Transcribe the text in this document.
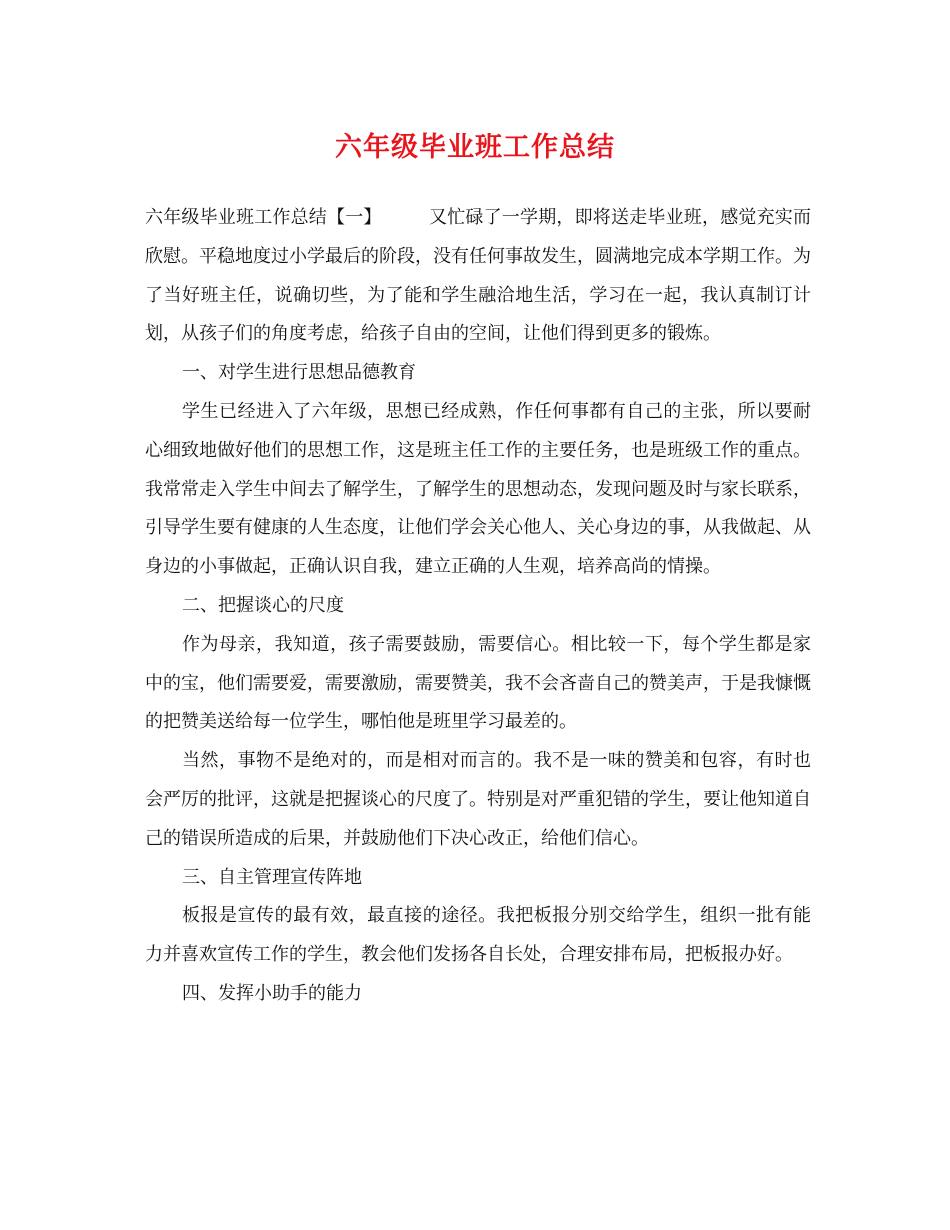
六年级毕业班工作总结

六年级毕业班工作总结【一】	又忙碌了一学期，即将送走毕业班，感觉充实而欣慰。平稳地度过小学最后的阶段，没有任何事故发生，圆满地完成本学期工作。为了当好班主任，说确切些，为了能和学生融洽地生活，学习在一起，我认真制订计划，从孩子们的角度考虑，给孩子自由的空间，让他们得到更多的锻炼。

一、对学生进行思想品德教育

学生已经进入了六年级，思想已经成熟，作任何事都有自己的主张，所以要耐心细致地做好他们的思想工作，这是班主任工作的主要任务，也是班级工作的重点。我常常走入学生中间去了解学生，了解学生的思想动态，发现问题及时与家长联系，引导学生要有健康的人生态度，让他们学会关心他人、关心身边的事，从我做起、从身边的小事做起，正确认识自我，建立正确的人生观，培养高尚的情操。

二、把握谈心的尺度

作为母亲，我知道，孩子需要鼓励，需要信心。相比较一下，每个学生都是家中的宝，他们需要爱，需要激励，需要赞美，我不会吝啬自己的赞美声，于是我慷慨的把赞美送给每一位学生，哪怕他是班里学习最差的。

当然，事物不是绝对的，而是相对而言的。我不是一味的赞美和包容，有时也会严厉的批评，这就是把握谈心的尺度了。特别是对严重犯错的学生，要让他知道自己的错误所造成的后果，并鼓励他们下决心改正，给他们信心。

三、自主管理宣传阵地

板报是宣传的最有效，最直接的途径。我把板报分别交给学生，组织一批有能力并喜欢宣传工作的学生，教会他们发扬各自长处，合理安排布局，把板报办好。

四、发挥小助手的能力
